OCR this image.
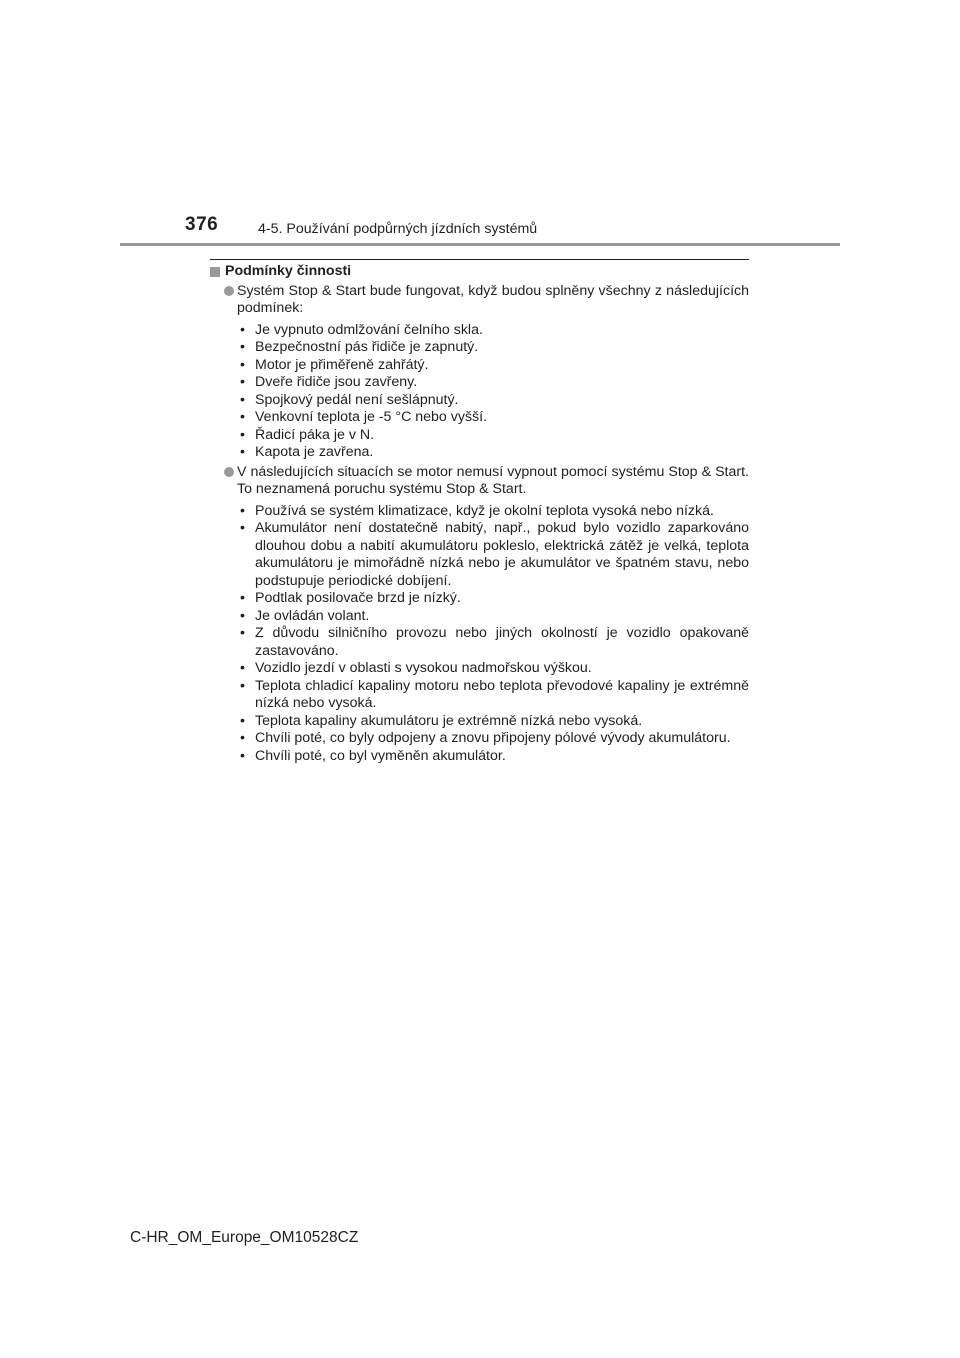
376	4-5. Používání podpůrných jízdních systémů
Podmínky činnosti
Systém Stop & Start bude fungovat, když budou splněny všechny z následujících podmínek:
• Je vypnuto odmlžování čelního skla.
• Bezpečnostní pás řidiče je zapnutý.
• Motor je přiměřeně zahřátý.
• Dveře řidiče jsou zavřeny.
• Spojkový pedál není sešlápnutý.
• Venkovní teplota je -5 °C nebo vyšší.
• Řadicí páka je v N.
• Kapota je zavřena.
V následujících situacích se motor nemusí vypnout pomocí systému Stop & Start. To neznamená poruchu systému Stop & Start.
• Používá se systém klimatizace, když je okolní teplota vysoká nebo nízká.
• Akumulátor není dostatečně nabitý, např., pokud bylo vozidlo zaparkováno dlouhou dobu a nabití akumulátoru pokleslo, elektrická zátěž je velká, teplota akumulátoru je mimořádně nízká nebo je akumulátor ve špatném stavu, nebo podstupuje periodické dobíjení.
• Podtlak posilovače brzd je nízký.
• Je ovládán volant.
• Z důvodu silničního provozu nebo jiných okolností je vozidlo opakovaně zastavováno.
• Vozidlo jezdí v oblasti s vysokou nadmořskou výškou.
• Teplota chladicí kapaliny motoru nebo teplota převodové kapaliny je extrémně nízká nebo vysoká.
• Teplota kapaliny akumulátoru je extrémně nízká nebo vysoká.
• Chvíli poté, co byly odpojeny a znovu připojeny pólové vývody akumulátoru.
• Chvíli poté, co byl vyměněn akumulátor.
C-HR_OM_Europe_OM10528CZ
